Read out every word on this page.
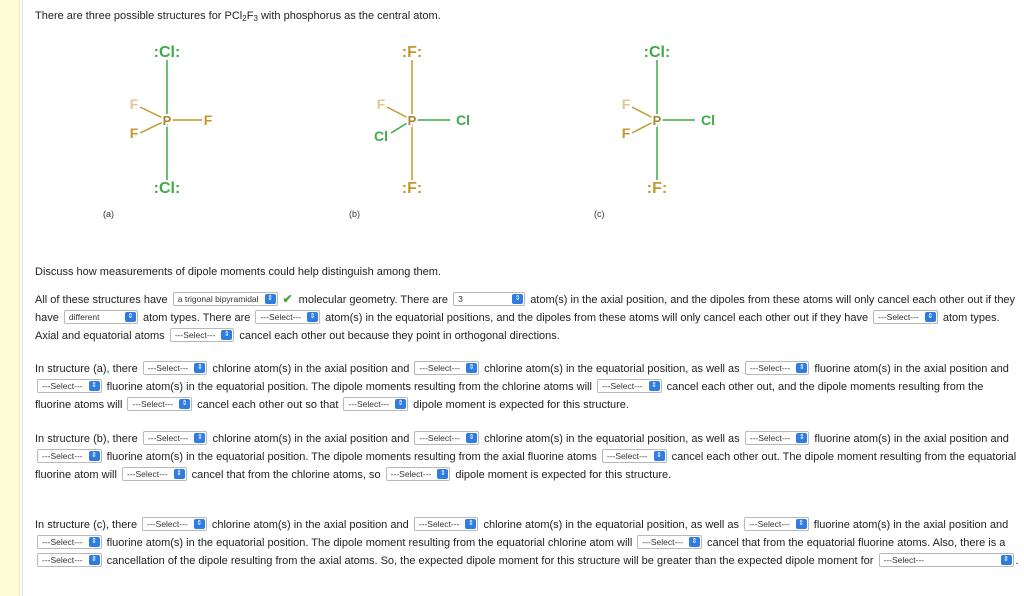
There are three possible structures for $PCl_2F_3$ with phosphorus as the central atom.
:Cl:
P
F
F
F
:Cl:
(a)
:F:
P
F
Cl
Cl
:F:
(b)
:Cl:
P
F
F
Cl
:F:
(c)
Discuss how measurements of dipole moments could help distinguish among them.
All of these structures have a trigonal bipyramidal	⇕ ✔ molecular geometry. There are 3	⇕ atom(s) in the axial position, and the dipoles from these atoms will only cancel each other out if they have different	⇕ atom types. There are ---Select---	⇕ atom(s) in the equatorial positions, and the dipoles from these atoms will only cancel each other out if they have ---Select---	⇕ atom types. Axial and equatorial atoms ---Select---	⇕ cancel each other out because they point in orthogonal directions.
In structure (a), there ---Select---	⇕ chlorine atom(s) in the axial position and ---Select---	⇕ chlorine atom(s) in the equatorial position, as well as ---Select---	⇕ fluorine atom(s) in the axial position and ---Select---	⇕ fluorine atom(s) in the equatorial position. The dipole moments resulting from the chlorine atoms will ---Select---	⇕ cancel each other out, and the dipole moments resulting from the fluorine atoms will ---Select---	⇕ cancel each other out so that ---Select---	⇕ dipole moment is expected for this structure.
In structure (b), there ---Select---	⇕ chlorine atom(s) in the axial position and ---Select---	⇕ chlorine atom(s) in the equatorial position, as well as ---Select---	⇕ fluorine atom(s) in the axial position and ---Select---	⇕ fluorine atom(s) in the equatorial position. The dipole moments resulting from the axial fluorine atoms ---Select---	⇕ cancel each other out. The dipole moment resulting from the equatorial fluorine atom will ---Select---	⇕ cancel that from the chlorine atoms, so ---Select---	⇕ dipole moment is expected for this structure.
In structure (c), there ---Select---	⇕ chlorine atom(s) in the axial position and ---Select---	⇕ chlorine atom(s) in the equatorial position, as well as ---Select---	⇕ fluorine atom(s) in the axial position and ---Select---	⇕ fluorine atom(s) in the equatorial position. The dipole moment resulting from the equatorial chlorine atom will ---Select---	⇕ cancel that from the equatorial fluorine atoms. Also, there is a ---Select---	⇕ cancellation of the dipole resulting from the axial atoms. So, the expected dipole moment for this structure will be greater than the expected dipole moment for ---Select---	⇕ .
